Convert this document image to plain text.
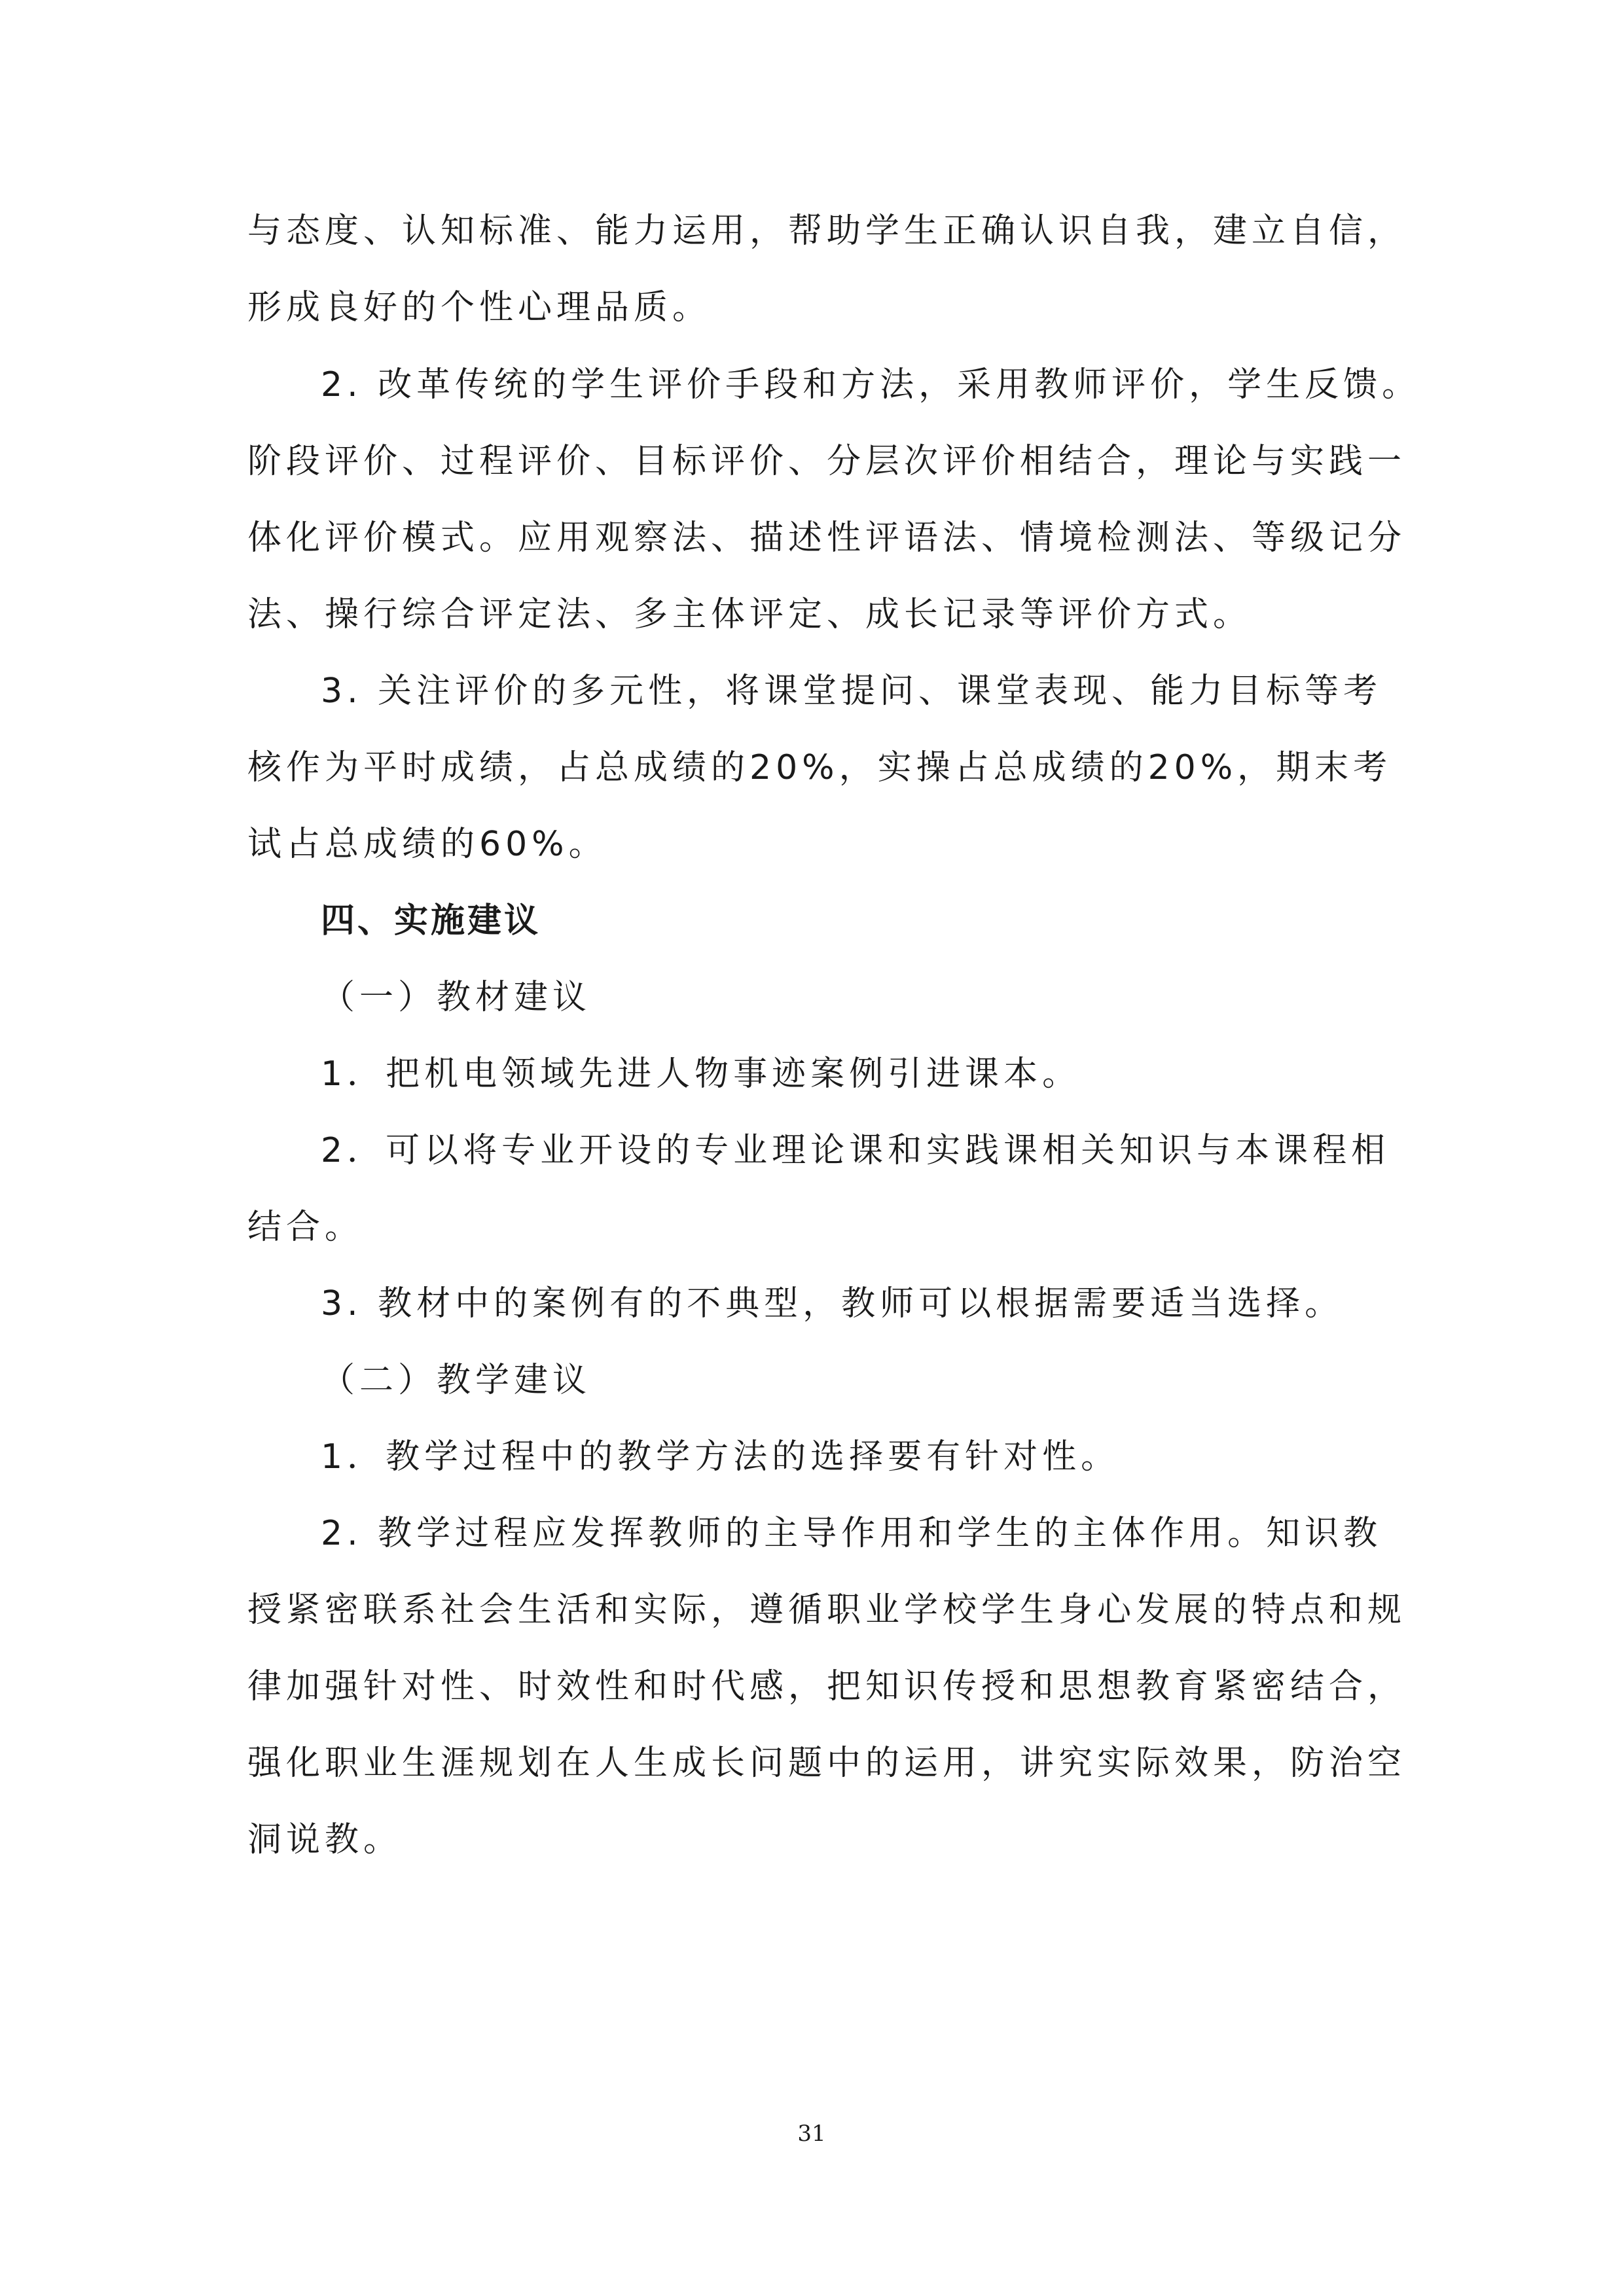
与态度、认知标准、能力运用，帮助学生正确认识自我，建立自信，
形成良好的个性心理品质。
2. 改革传统的学生评价手段和方法，采用教师评价，学生反馈。
阶段评价、过程评价、目标评价、分层次评价相结合，理论与实践一
体化评价模式。应用观察法、描述性评语法、情境检测法、等级记分
法、操行综合评定法、多主体评定、成长记录等评价方式。
3. 关注评价的多元性，将课堂提问、课堂表现、能力目标等考
核作为平时成绩，占总成绩的20%，实操占总成绩的20%，期末考
试占总成绩的60%。
四、实施建议
（一）教材建议
1．把机电领域先进人物事迹案例引进课本。
2．可以将专业开设的专业理论课和实践课相关知识与本课程相
结合。
3. 教材中的案例有的不典型，教师可以根据需要适当选择。
（二）教学建议
1．教学过程中的教学方法的选择要有针对性。
2. 教学过程应发挥教师的主导作用和学生的主体作用。知识教
授紧密联系社会生活和实际，遵循职业学校学生身心发展的特点和规
律加强针对性、时效性和时代感，把知识传授和思想教育紧密结合，
强化职业生涯规划在人生成长问题中的运用，讲究实际效果，防治空
洞说教。
31
